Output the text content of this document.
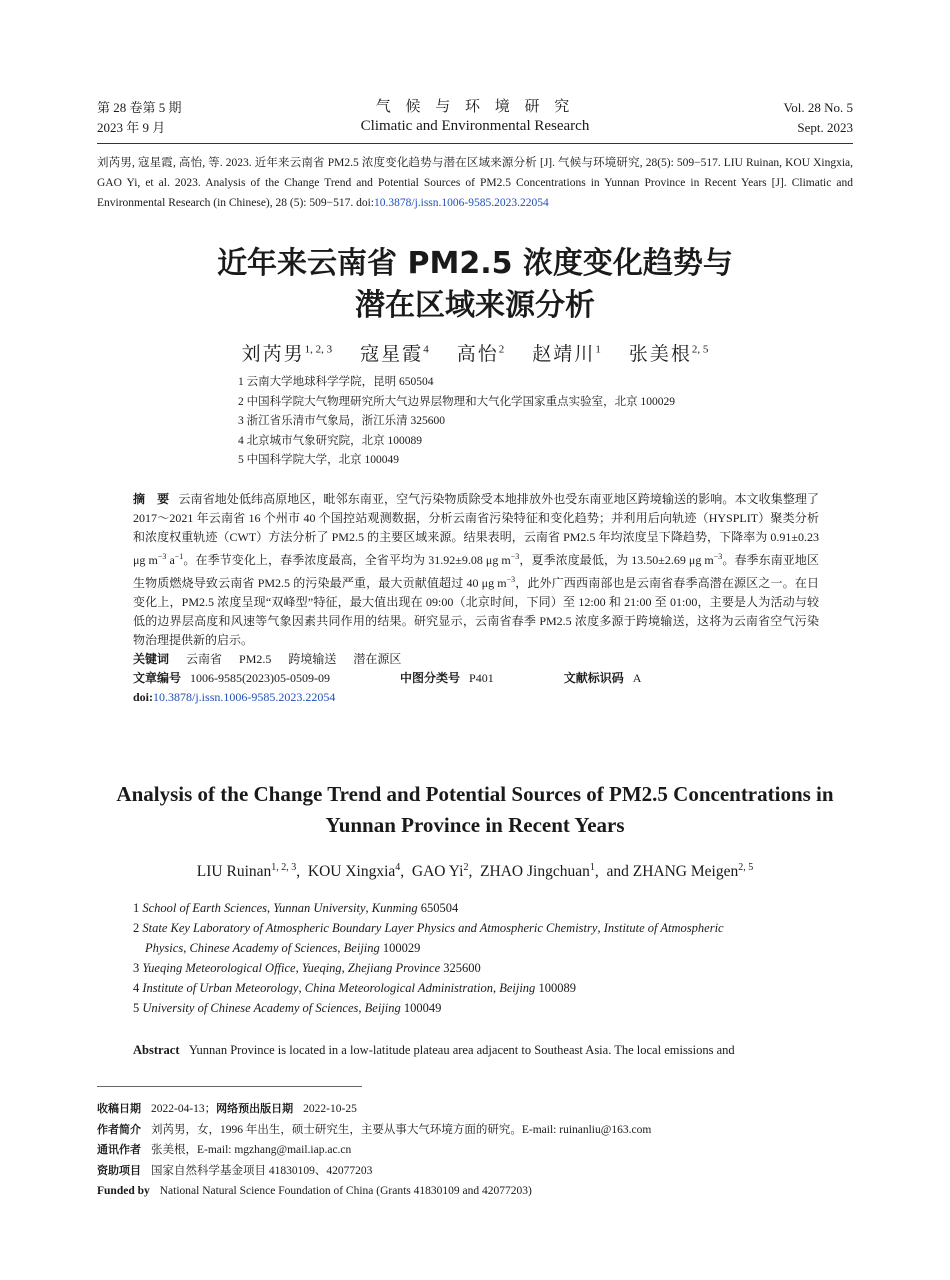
第 28 卷第 5 期
2023 年 9 月
气 候 与 环 境 研 究
Climatic and Environmental Research
Vol. 28 No. 5
Sept. 2023
刘芮男, 寇星霞, 高怡, 等. 2023. 近年来云南省 PM2.5 浓度变化趋势与潜在区域来源分析 [J]. 气候与环境研究, 28(5): 509−517. LIU Ruinan, KOU Xingxia, GAO Yi, et al. 2023. Analysis of the Change Trend and Potential Sources of PM2.5 Concentrations in Yunnan Province in Recent Years [J]. Climatic and Environmental Research (in Chinese), 28 (5): 509−517. doi:10.3878/j.issn.1006-9585.2023.22054
近年来云南省 PM2.5 浓度变化趋势与
潜在区域来源分析
刘芮男$^{1, 2, 3}$ 寇星霞$^4$ 高怡$^2$ 赵靖川$^1$ 张美根$^{2, 5}$
1 云南大学地球科学学院，昆明 650504
2 中国科学院大气物理研究所大气边界层物理和大气化学国家重点实验室，北京 100029
3 浙江省乐清市气象局，浙江乐清 325600
4 北京城市气象研究院，北京 100089
5 中国科学院大学，北京 100049
摘　要 云南省地处低纬高原地区，毗邻东南亚，空气污染物质除受本地排放外也受东南亚地区跨境输送的影响。本文收集整理了 2017～2021 年云南省 16 个州市 40 个国控站观测数据，分析云南省污染特征和变化趋势；并利用后向轨迹（HYSPLIT）聚类分析和浓度权重轨迹（CWT）方法分析了 PM2.5 的主要区域来源。结果表明，云南省 PM2.5 年均浓度呈下降趋势，下降率为 0.91±0.23 μg $m^{-3}$ $a^{-1}$。在季节变化上，春季浓度最高，全省平均为 31.92±9.08 μg $m^{-3}$，夏季浓度最低，为 13.50±2.69 μg $m^{-3}$。春季东南亚地区生物质燃烧导致云南省 PM2.5 的污染最严重，最大贡献值超过 40 μg $m^{-3}$，此外广西西南部也是云南省春季高潜在源区之一。在日变化上，PM2.5 浓度呈现“双峰型”特征，最大值出现在 09:00（北京时间，下同）至 12:00 和 21:00 至 01:00，主要是人为活动与较低的边界层高度和风速等气象因素共同作用的结果。研究显示，云南省春季 PM2.5 浓度多源于跨境输送，这将为云南省空气污染物治理提供新的启示。
关键词 云南省 PM2.5 跨境输送 潜在源区
文章编号 1006-9585(2023)05-0509-09	中图分类号 P401	文献标识码 A
doi:10.3878/j.issn.1006-9585.2023.22054
Analysis of the Change Trend and Potential Sources of PM2.5 Concentrations in
Yunnan Province in Recent Years
LIU Ruinan$^{1, 2, 3}$,  KOU Xingxia$^4$,  GAO Yi$^2$,  ZHAO Jingchuan$^1$,  and ZHANG Meigen$^{2, 5}$
1 School of Earth Sciences, Yunnan University, Kunming 650504
2 State Key Laboratory of Atmospheric Boundary Layer Physics and Atmospheric Chemistry, Institute of Atmospheric
Physics, Chinese Academy of Sciences, Beijing 100029
3 Yueqing Meteorological Office, Yueqing, Zhejiang Province 325600
4 Institute of Urban Meteorology, China Meteorological Administration, Beijing 100089
5 University of Chinese Academy of Sciences, Beijing 100049
Abstract Yunnan Province is located in a low-latitude plateau area adjacent to Southeast Asia. The local emissions and
收稿日期 2022-04-13；网络预出版日期 2022-10-25
作者简介 刘芮男，女，1996 年出生，硕士研究生，主要从事大气环境方面的研究。E-mail: ruinanliu@163.com
通讯作者 张美根，E-mail: mgzhang@mail.iap.ac.cn
资助项目 国家自然科学基金项目 41830109、42077203
Funded by National Natural Science Foundation of China (Grants 41830109 and 42077203)
